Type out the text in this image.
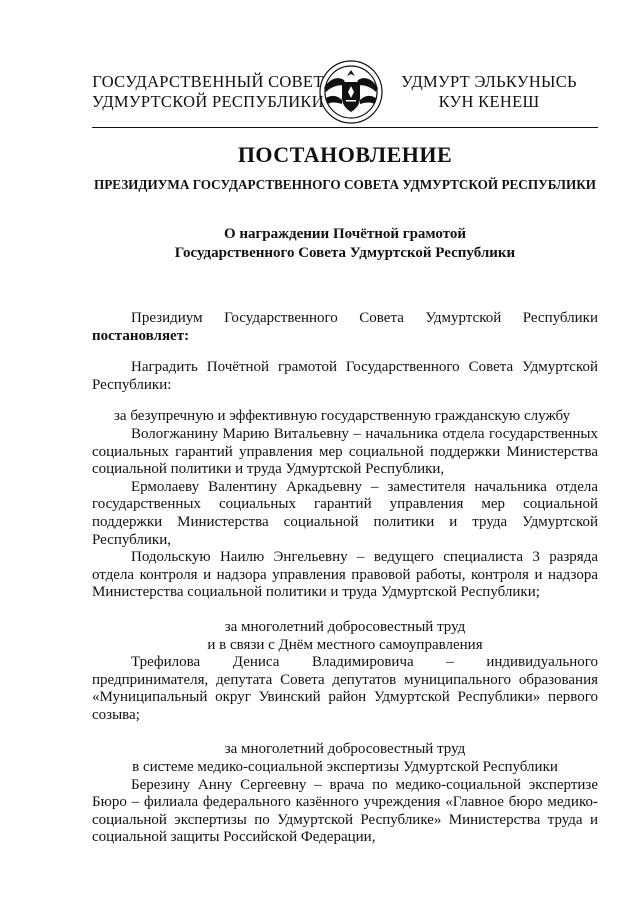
ГОСУДАРСТВЕННЫЙ СОВЕТ
УДМУРТСКОЙ РЕСПУБЛИКИ
УДМУРТ ЭЛЬКУНЫСЬ
КУН КЕНЕШ
ПОСТАНОВЛЕНИЕ
ПРЕЗИДИУМА ГОСУДАРСТВЕННОГО СОВЕТА УДМУРТСКОЙ РЕСПУБЛИКИ
О награждении Почётной грамотой
Государственного Совета Удмуртской Республики

Президиум Государственного Совета Удмуртской Республики

постановляет:

Наградить Почётной грамотой Государственного Совета Удмуртской Республики:

за безупречную и эффективную государственную гражданскую службу

Вологжанину Марию Витальевну – начальника отдела государственных социальных гарантий управления мер социальной поддержки Министерства социальной политики и труда Удмуртской Республики,

Ермолаеву Валентину Аркадьевну – заместителя начальника отдела государственных социальных гарантий управления мер социальной поддержки Министерства социальной политики и труда Удмуртской Республики,

Подольскую Наилю Энгельевну – ведущего специалиста 3 разряда отдела контроля и надзора управления правовой работы, контроля и надзора Министерства социальной политики и труда Удмуртской Республики;

за многолетний добросовестный труд

и в связи с Днём местного самоуправления

Трефилова Дениса Владимировича – индивидуального предпринимателя, депутата Совета депутатов муниципального образования «Муниципальный округ Увинский район Удмуртской Республики» первого созыва;

за многолетний добросовестный труд

в системе медико-социальной экспертизы Удмуртской Республики

Березину Анну Сергеевну – врача по медико-социальной экспертизе Бюро – филиала федерального казённого учреждения «Главное бюро медико-социальной экспертизы по Удмуртской Республике» Министерства труда и социальной защиты Российской Федерации,
